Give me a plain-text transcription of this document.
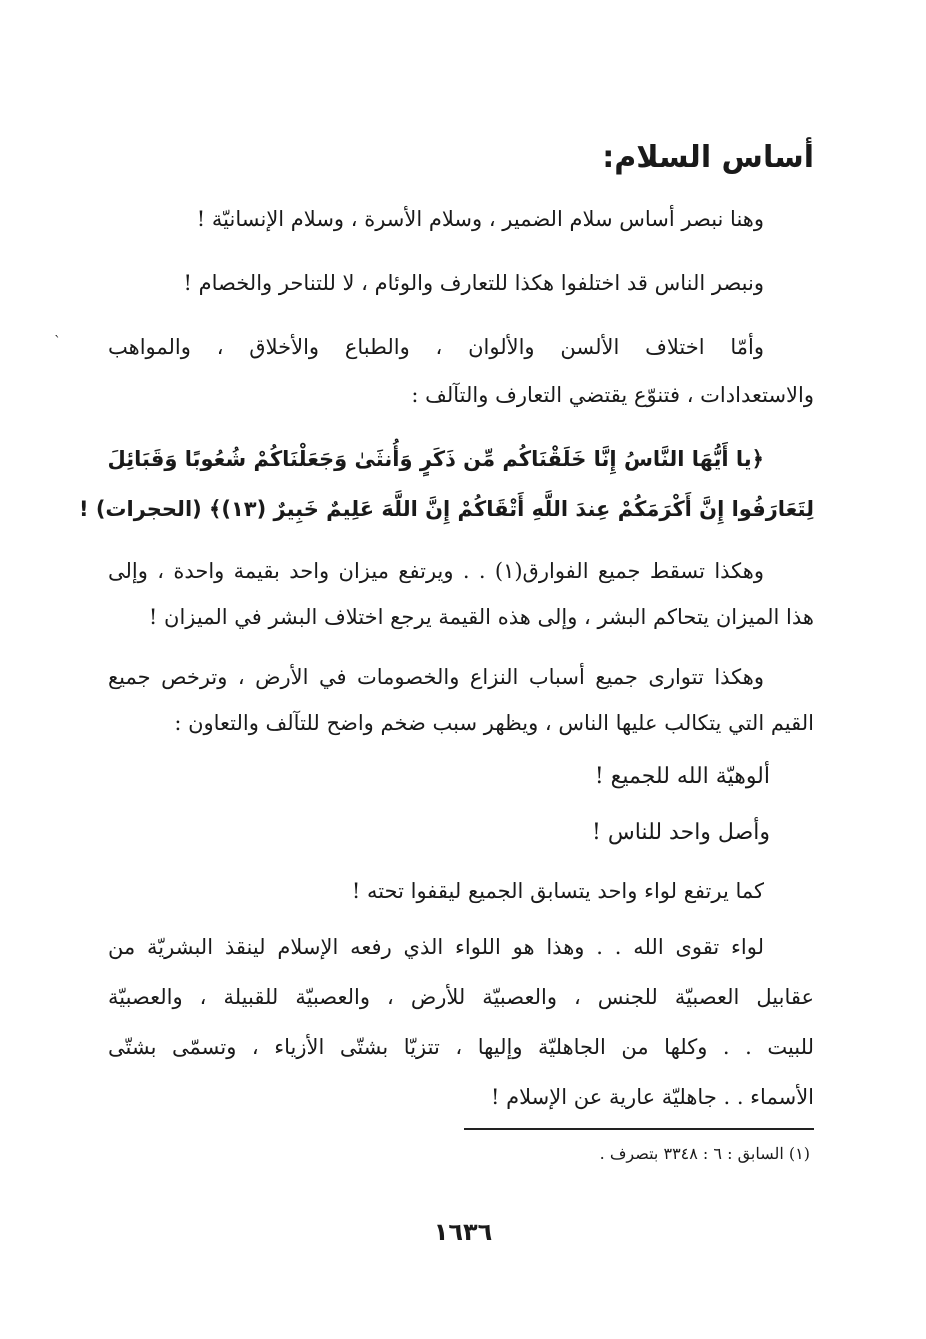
ˋ
أساس السلام:
وهنا نبصر أساس سلام الضمير ، وسلام الأسرة ، وسلام الإنسانيّة !
ونبصر الناس قد اختلفوا هكذا للتعارف والوئام ، لا للتناحر والخصام !
وأمّا اختلاف الألسن والألوان ، والطباع والأخلاق ، والمواهب
والاستعدادات ، فتنوّع يقتضي التعارف والتآلف :
﴿يا أَيُّهَا النَّاسُ إِنَّا خَلَقْنَاكُم مِّن ذَكَرٍ وَأُنثَىٰ وَجَعَلْنَاكُمْ شُعُوبًا وَقَبَائِلَ
لِتَعَارَفُوا إِنَّ أَكْرَمَكُمْ عِندَ اللَّهِ أَتْقَاكُمْ إِنَّ اللَّهَ عَلِيمٌ خَبِيرٌ (١٣)﴾ (الحجرات) !
وهكذا تسقط جميع الفوارق(١) . . ويرتفع ميزان واحد بقيمة واحدة ، وإلى
هذا الميزان يتحاكم البشر ، وإلى هذه القيمة يرجع اختلاف البشر في الميزان !
وهكذا تتوارى جميع أسباب النزاع والخصومات في الأرض ، وترخص جميع
القيم التي يتكالب عليها الناس ، ويظهر سبب ضخم واضح للتآلف والتعاون :
ألوهيّة الله للجميع !
وأصل واحد للناس !
كما يرتفع لواء واحد يتسابق الجميع ليقفوا تحته !
لواء تقوى الله . . وهذا هو اللواء الذي رفعه الإسلام لينقذ البشريّة من
عقابيل العصبيّة للجنس ، والعصبيّة للأرض ، والعصبيّة للقبيلة ، والعصبيّة
للبيت . . وكلها من الجاهليّة وإليها ، تتزيّا بشتّى الأزياء ، وتسمّى بشتّى
الأسماء . . جاهليّة عارية عن الإسلام !
(١) السابق : ٦ : ٣٣٤٨ بتصرف .
١٦٣٦
